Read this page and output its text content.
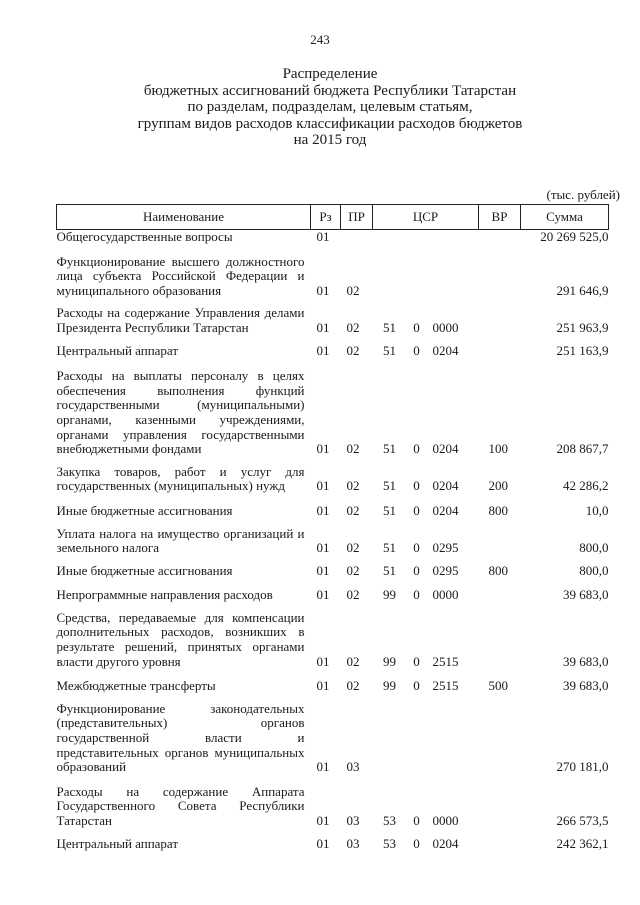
243
Распределение
бюджетных ассигнований бюджета Республики Татарстан
по разделам, подразделам, целевым статьям,
группам видов расходов классификации расходов бюджетов
на 2015 год
(тыс. рублей)
Наименование	Рз	ПР	ЦСР			ВР	Сумма
Общегосударственные вопросы	01						20 269 525,0
Функционирование высшего должностного лица субъекта Российской Федерации и муниципального образования	01	02					291 646,9
Расходы на содержание Управления делами Президента Республики Татарстан	01	02	51	0	0000		251 963,9
Центральный аппарат	01	02	51	0	0204		251 163,9
Расходы на выплаты персоналу в целях обеспечения выполнения функций государственными (муниципальными) органами, казенными учреждениями, органами управления государственными внебюджетными фондами	01	02	51	0	0204	100	208 867,7
Закупка товаров, работ и услуг для государственных (муниципальных) нужд	01	02	51	0	0204	200	42 286,2
Иные бюджетные ассигнования	01	02	51	0	0204	800	10,0
Уплата налога на имущество организаций и земельного налога	01	02	51	0	0295		800,0
Иные бюджетные ассигнования	01	02	51	0	0295	800	800,0
Непрограммные направления расходов	01	02	99	0	0000		39 683,0
Средства, передаваемые для компенсации дополнительных расходов, возникших в результате решений, принятых органами власти другого уровня	01	02	99	0	2515		39 683,0
Межбюджетные трансферты	01	02	99	0	2515	500	39 683,0
Функционирование законодательных (представительных) органов государственной власти и представительных органов муниципальных образований	01	03					270 181,0
Расходы на содержание Аппарата Государственного Совета Республики Татарстан	01	03	53	0	0000		266 573,5
Центральный аппарат	01	03	53	0	0204		242 362,1
